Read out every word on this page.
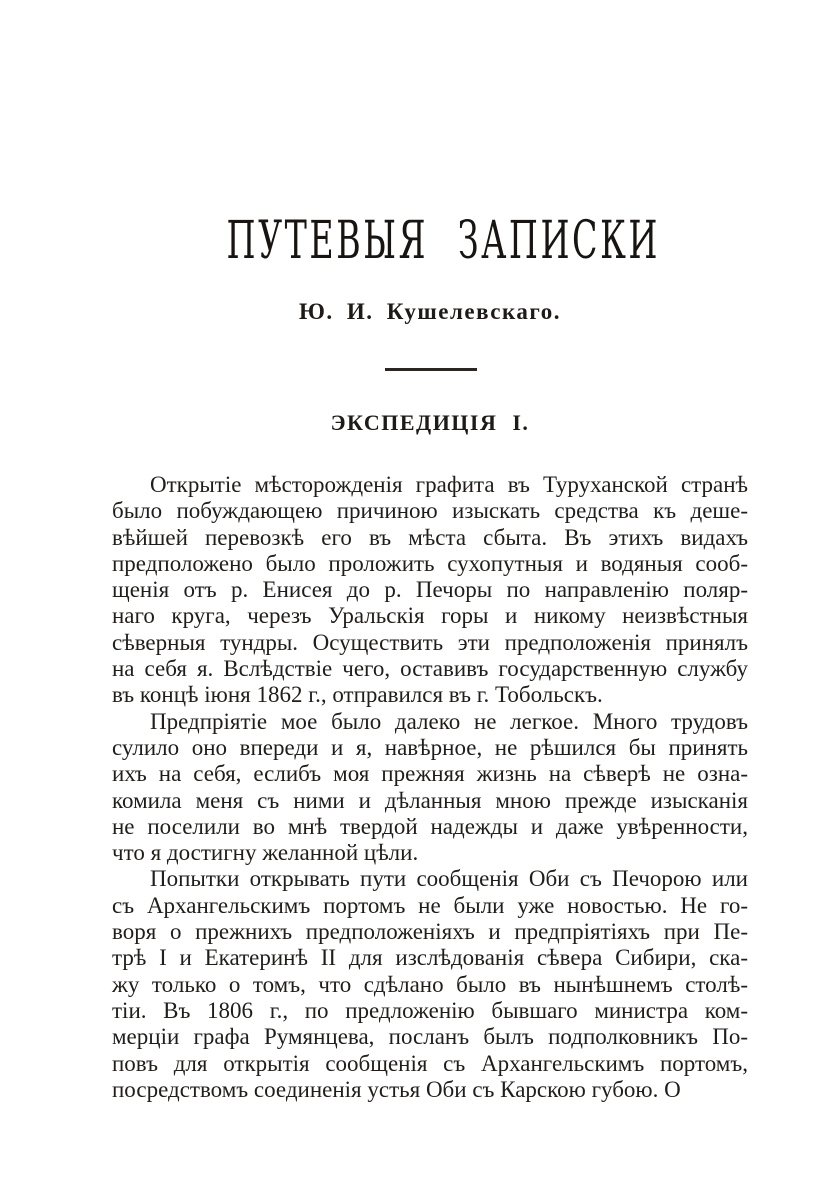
ПУТЕВЫЯ ЗАПИСКИ
Ю. И. Кушелевскаго.
ЭКСПЕДИЦІЯ I.
Открытіе мѣсторожденія графита въ Туруханской странѣ
было побуждающею причиною изыскать средства къ деше-
вѣйшей перевозкѣ его въ мѣста сбыта. Въ этихъ видахъ
предположено было проложить сухопутныя и водяныя сооб-
щенія отъ р. Енисея до р. Печоры по направленію поляр-
наго круга, черезъ Уральскія горы и никому неизвѣстныя
сѣверныя тундры. Осуществить эти предположенія принялъ
на себя я. Вслѣдствіе чего, оставивъ государственную службу
въ концѣ іюня 1862 г., отправился въ г. Тобольскъ.
Предпріятіе мое было далеко не легкое. Много трудовъ
сулило оно впереди и я, навѣрное, не рѣшился бы принять
ихъ на себя, еслибъ моя прежняя жизнь на сѣверѣ не озна-
комила меня съ ними и дѣланныя мною прежде изысканія
не поселили во мнѣ твердой надежды и даже увѣренности,
что я достигну желанной цѣли.
Попытки открывать пути сообщенія Оби съ Печорою или
съ Архангельскимъ портомъ не были уже новостью. Не го-
воря о прежнихъ предположеніяхъ и предпріятіяхъ при Пе-
трѣ I и Екатеринѣ II для изслѣдованія сѣвера Сибири, ска-
жу только о томъ, что сдѣлано было въ нынѣшнемъ столѣ-
тіи. Въ 1806 г., по предложенію бывшаго министра ком-
мерціи графа Румянцева, посланъ былъ подполковникъ По-
повъ для открытія сообщенія съ Архангельскимъ портомъ,
посредствомъ соединенія устья Оби съ Карскою губою. О
